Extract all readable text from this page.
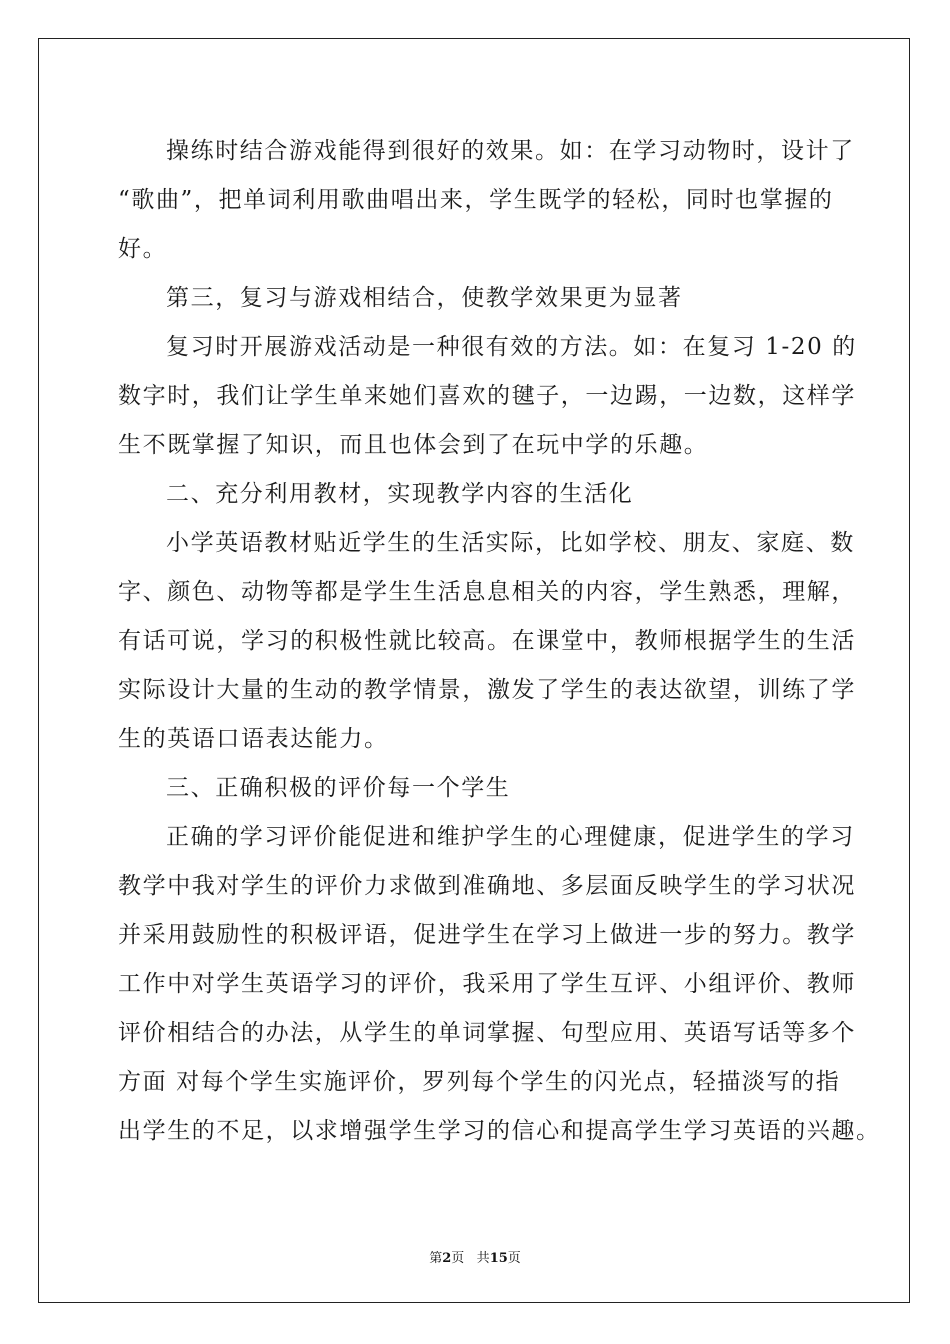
操练时结合游戏能得到很好的效果。如：在学习动物时，设计了
“歌曲”，把单词利用歌曲唱出来，学生既学的轻松，同时也掌握的
好。
第三，复习与游戏相结合，使教学效果更为显著
复习时开展游戏活动是一种很有效的方法。如：在复习 1-20 的
数字时，我们让学生单来她们喜欢的毽子，一边踢，一边数，这样学
生不既掌握了知识，而且也体会到了在玩中学的乐趣。
二、充分利用教材，实现教学内容的生活化
小学英语教材贴近学生的生活实际，比如学校、朋友、家庭、数
字、颜色、动物等都是学生生活息息相关的内容，学生熟悉，理解，
有话可说，学习的积极性就比较高。在课堂中，教师根据学生的生活
实际设计大量的生动的教学情景，激发了学生的表达欲望，训练了学
生的英语口语表达能力。
三、正确积极的评价每一个学生
正确的学习评价能促进和维护学生的心理健康，促进学生的学习
教学中我对学生的评价力求做到准确地、多层面反映学生的学习状况
并采用鼓励性的积极评语，促进学生在学习上做进一步的努力。教学
工作中对学生英语学习的评价，我采用了学生互评、小组评价、教师
评价相结合的办法，从学生的单词掌握、句型应用、英语写话等多个
方面 对每个学生实施评价，罗列每个学生的闪光点，轻描淡写的指
出学生的不足，以求增强学生学习的信心和提高学生学习英语的兴趣。
第2页 共15页
